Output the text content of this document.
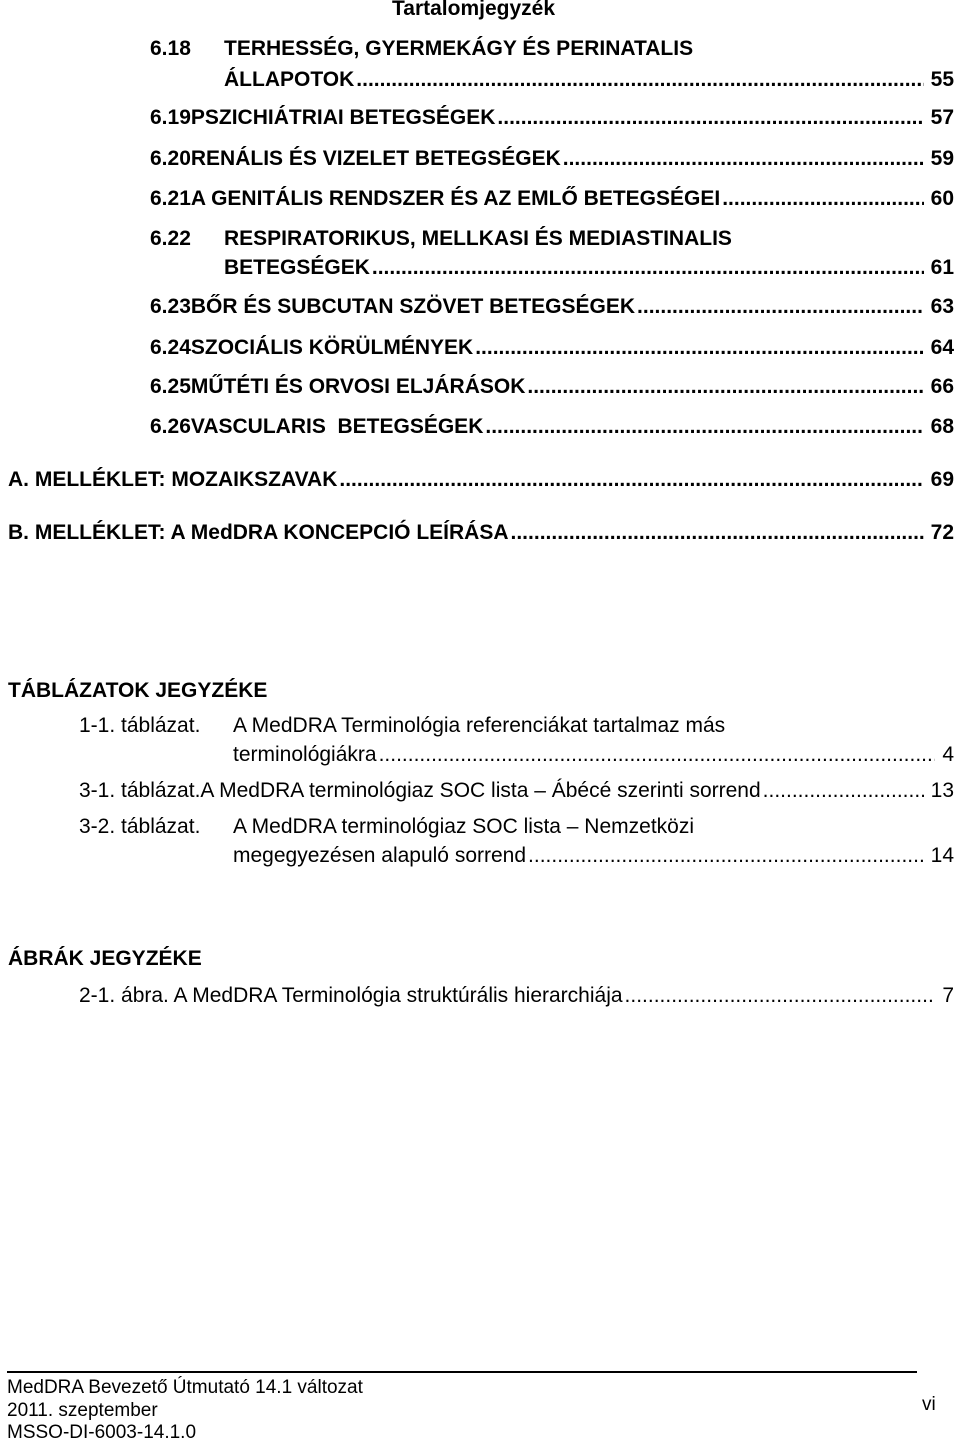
Tartalomjegyzék
6.18	TERHESSÉG, GYERMEKÁGY ÉS PERINATALIS
ÁLLAPOTOK .....	55
6.19 PSZICHIÁTRIAI BETEGSÉGEK .....	57
6.20 RENÁLIS ÉS VIZELET BETEGSÉGEK .....	59
6.21 A GENITÁLIS RENDSZER ÉS AZ EMLŐ BETEGSÉGEI .....	60
6.22	RESPIRATORIKUS, MELLKASI ÉS MEDIASTINALIS
BETEGSÉGEK .....	61
6.23 BŐR ÉS SUBCUTAN SZÖVET BETEGSÉGEK .....	63
6.24 SZOCIÁLIS KÖRÜLMÉNYEK .....	64
6.25 MŰTÉTI ÉS ORVOSI ELJÁRÁSOK .....	66
6.26 VASCULARIS  BETEGSÉGEK .....	68
A. MELLÉKLET: MOZAIKSZAVAK .....	69
B. MELLÉKLET: A MedDRA KONCEPCIÓ LEÍRÁSA .....	72
TÁBLÁZATOK JEGYZÉKE
1-1. táblázat.	A MedDRA Terminológia referenciákat tartalmaz más
terminológiákra .....	4
3-1. táblázat. A MedDRA terminológiaz SOC lista – Ábécé szerinti sorrend .....	13
3-2. táblázat.	A MedDRA terminológiaz SOC lista – Nemzetközi
megegyezésen alapuló sorrend .....	14
ÁBRÁK JEGYZÉKE
2-1. ábra. A MedDRA Terminológia struktúrális hierarchiája .....	7
MedDRA Bevezető Útmutató 14.1 változat
2011. szeptember
MSSO-DI-6003-14.1.0
vi
